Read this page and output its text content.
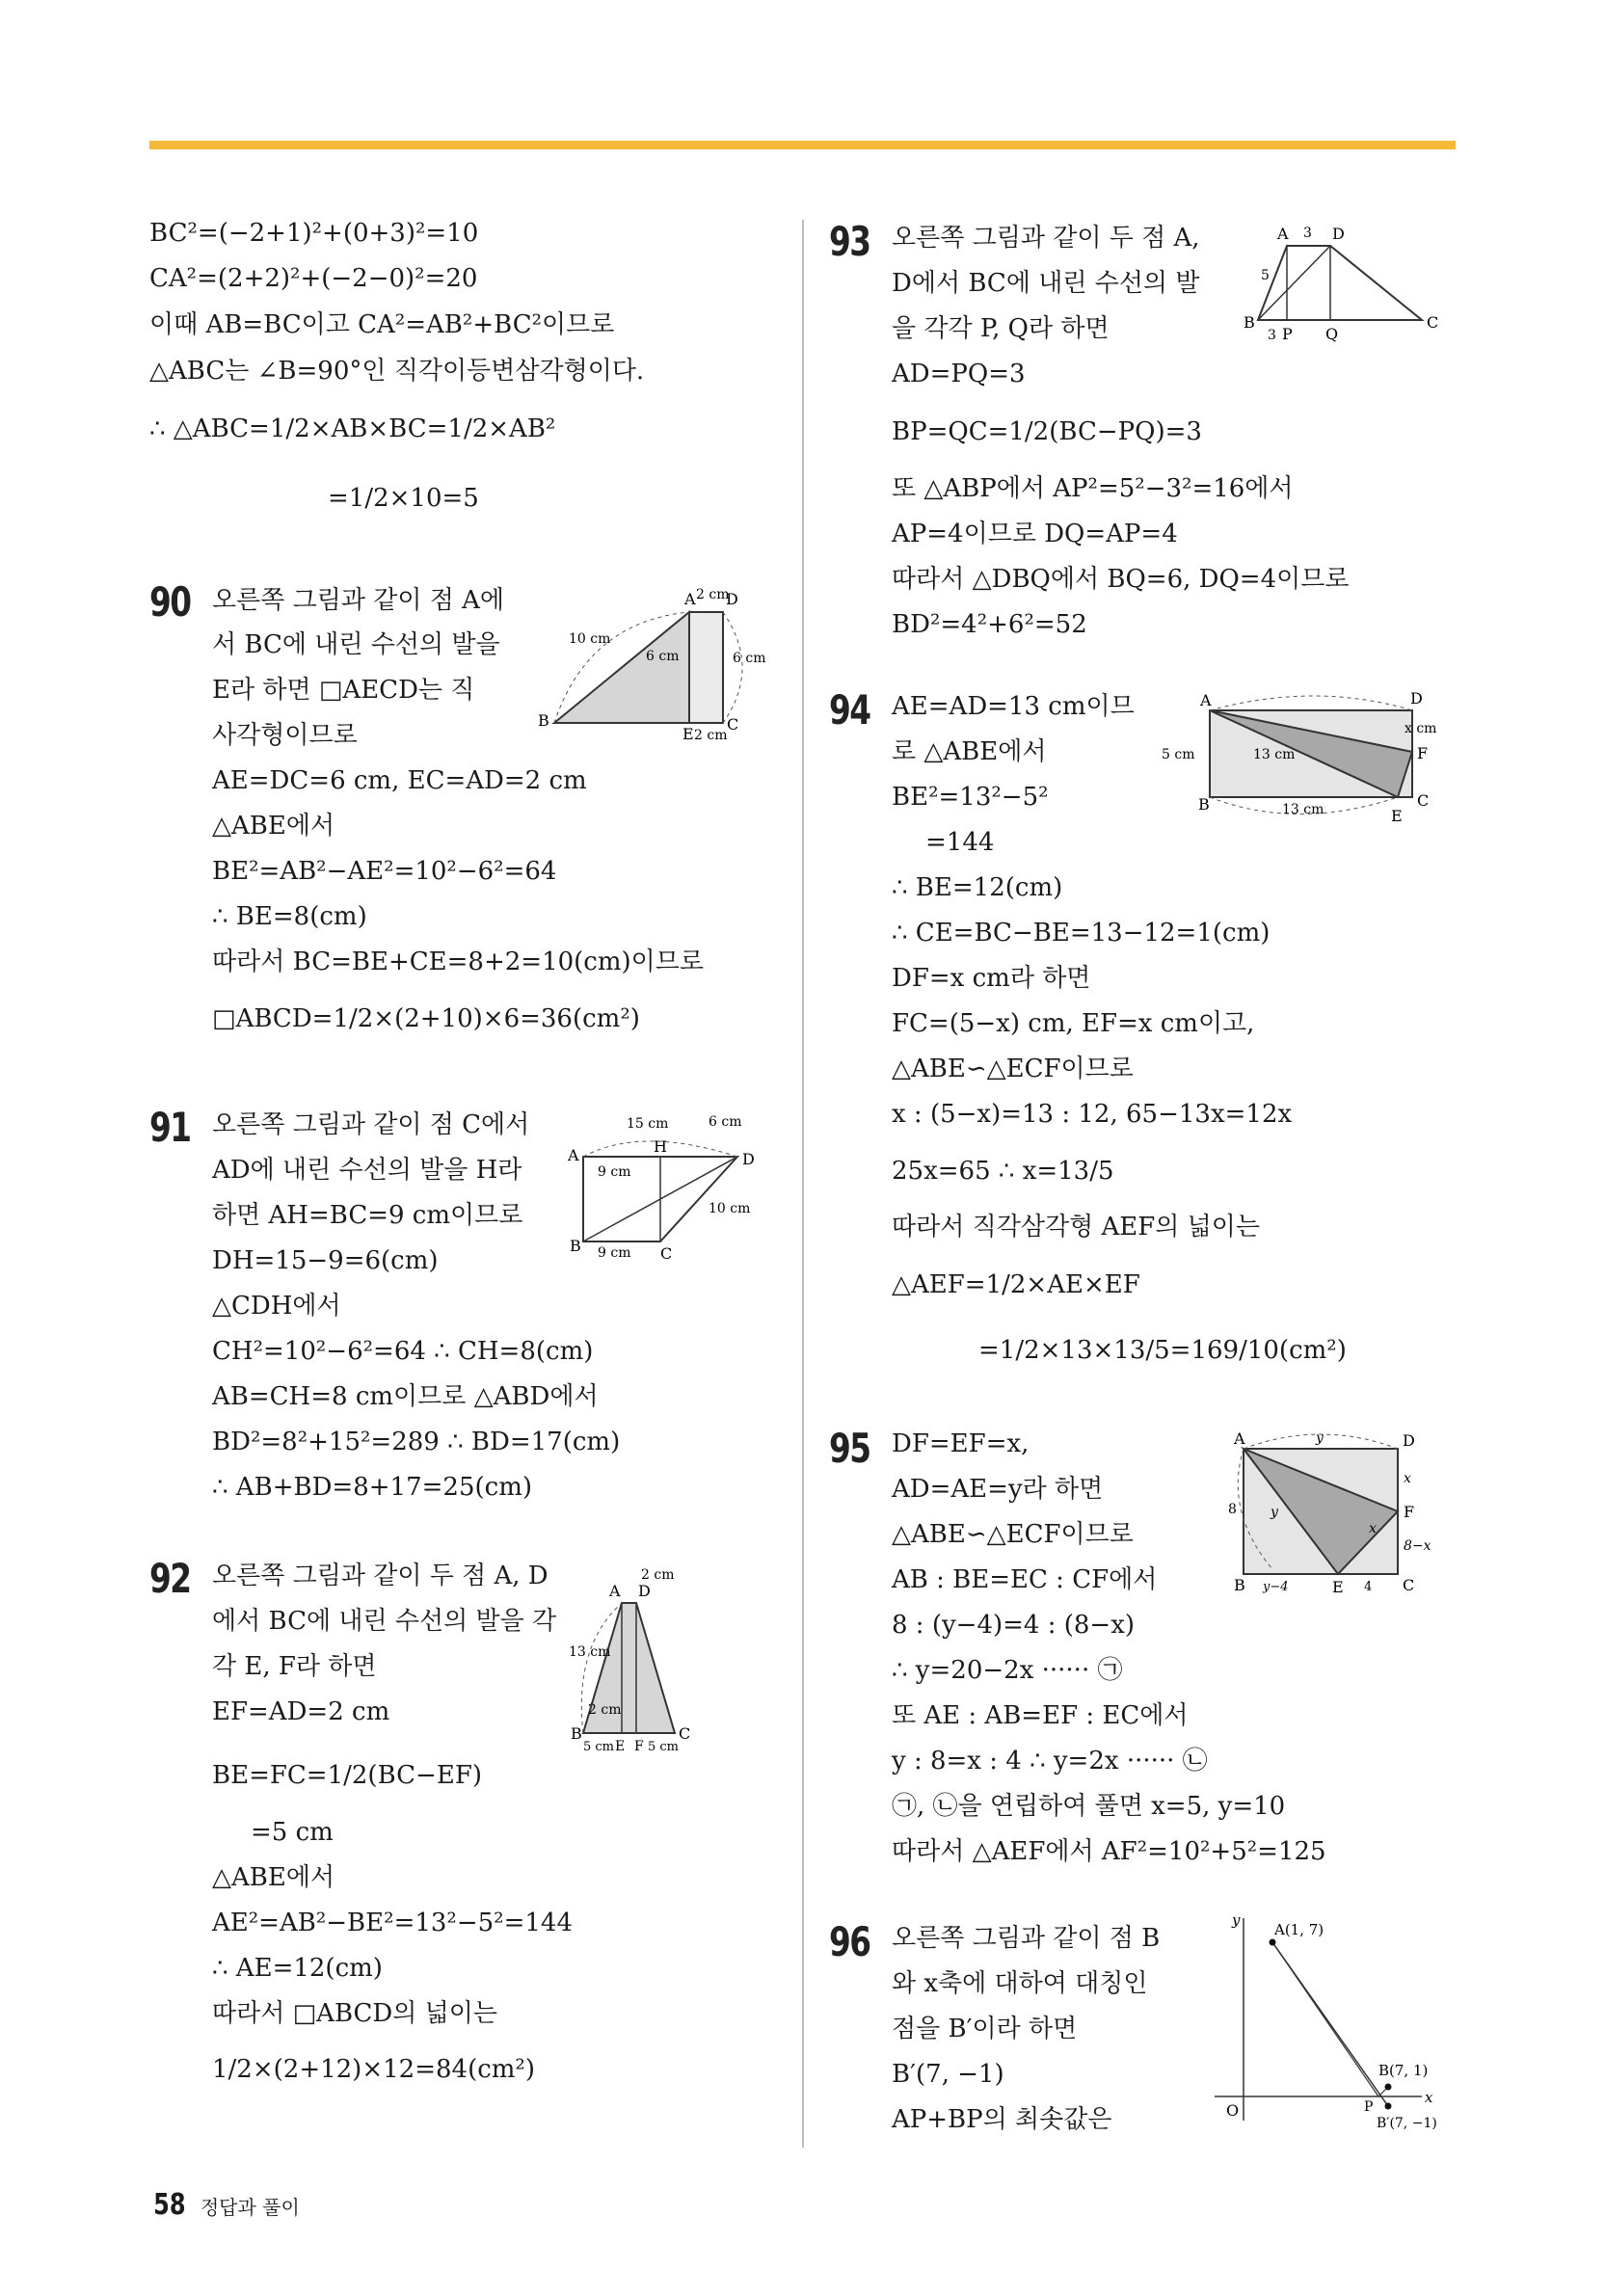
BC²=(−2+1)²+(0+3)²=10
CA²=(2+2)²+(−2−0)²=20
이때 AB=BC이고 CA²=AB²+BC²이므로
△ABC는 ∠B=90°인 직각이등변삼각형이다.
∴ △ABC=1/2×AB×BC=1/2×AB²
=1/2×10=5
90 오른쪽 그림과 같이 점 A에
서 BC에 내린 수선의 발을
E라 하면 □AECD는 직
사각형이므로
AE=DC=6 cm, EC=AD=2 cm
△ABE에서
BE²=AB²−AE²=10²−6²=64
∴ BE=8(cm)
따라서 BC=BE+CE=8+2=10(cm)이므로
□ABCD=1/2×(2+10)×6=36(cm²)
A D
2 cm
B
E
C
10 cm
6 cm	6 cm
2 cm
91 오른쪽 그림과 같이 점 C에서
AD에 내린 수선의 발을 H라
하면 AH=BC=9 cm이므로
DH=15−9=6(cm)
△CDH에서
CH²=10²−6²=64 ∴ CH=8(cm)
AB=CH=8 cm이므로 △ABD에서
BD²=8²+15²=289 ∴ BD=17(cm)
∴ AB+BD=8+17=25(cm)
A	H
D
B	C
15 cm	6 cm
9 cm
10 cm
9 cm
92 오른쪽 그림과 같이 두 점 A, D
에서 BC에 내린 수선의 발을 각
각 E, F라 하면
EF=AD=2 cm
BE=FC=1/2(BC−EF)
=5 cm
△ABE에서
AE²=AB²−BE²=13²−5²=144
∴ AE=12(cm)
따라서 □ABCD의 넓이는
1/2×(2+12)×12=84(cm²)
A D
2 cm
B	C
E F
13 cm
2 cm
5 cm	5 cm
93 오른쪽 그림과 같이 두 점 A,
D에서 BC에 내린 수선의 발
을 각각 P, Q라 하면
AD=PQ=3
BP=QC=1/2(BC−PQ)=3
또 △ABP에서 AP²=5²−3²=16에서
AP=4이므로 DQ=AP=4
따라서 △DBQ에서 BQ=6, DQ=4이므로
BD²=4²+6²=52
A	D
3
B
P Q
C
5
3
94 AE=AD=13 cm이므
로 △ABE에서
BE²=13²−5²
=144
∴ BE=12(cm)
∴ CE=BC−BE=13−12=1(cm)
DF=x cm라 하면
FC=(5−x) cm, EF=x cm이고,
△ABE∽△ECF이므로
x : (5−x)=13 : 12, 65−13x=12x
25x=65 ∴ x=13/5
따라서 직각삼각형 AEF의 넓이는
△AEF=1/2×AE×EF
=1/2×13×13/5=169/10(cm²)
A	D
B	C
E
F
5 cm	13 cm
13 cm
x cm
95 DF=EF=x,
AD=AE=y라 하면
△ABE∽△ECF이므로
AB : BE=EC : CF에서
8 : (y−4)=4 : (8−x)
∴ y=20−2x ······ ㉠
또 AE : AB=EF : EC에서
y : 8=x : 4 ∴ y=2x ······ ㉡
㉠, ㉡을 연립하여 풀면 x=5, y=10
따라서 △AEF에서 AF²=10²+5²=125
A	D
B	E	C
F
y
8	y
x
x
8−x
y−4	4
96 오른쪽 그림과 같이 점 B
와 x축에 대하여 대칭인
점을 B′이라 하면
B′(7, −1)
AP+BP의 최솟값은
y
x
O
A(1, 7)
B(7, 1)
B′(7, −1)
P
58 정답과 풀이
